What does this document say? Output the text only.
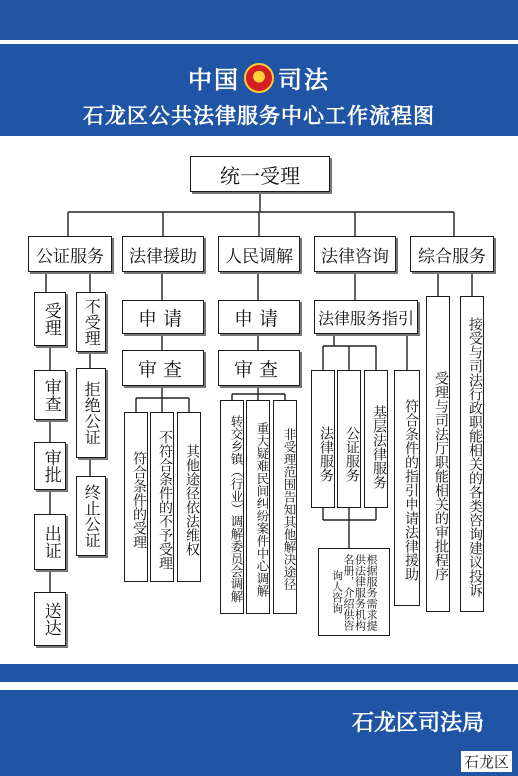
中国 司法
石龙区公共法律服务中心工作流程图
统一受理
公证服务	法律援助	人民调解	法律咨询	综合服务
受理
审查
审批
出证
送达
不受理
拒绝公证
终止公证
申请
审查
符合条件的受理 不符合条件的不予受理 其他途径依法维权
申请
审查
转交乡镇（行业）调解委员会调解 重大疑难民间纠纷案件中心调解 非受理范围告知其他解决途径
法律服务指引
法律服务 公证服务 基层法律服务	符合条件的指引申请法律援助
根据服务需求提供法律服务机构名册，介绍供咨询人咨询
受理与司法厅职能相关的审批程序	接受与司法行政职能相关的各类咨询建议投诉
石龙区司法局
石龙区
